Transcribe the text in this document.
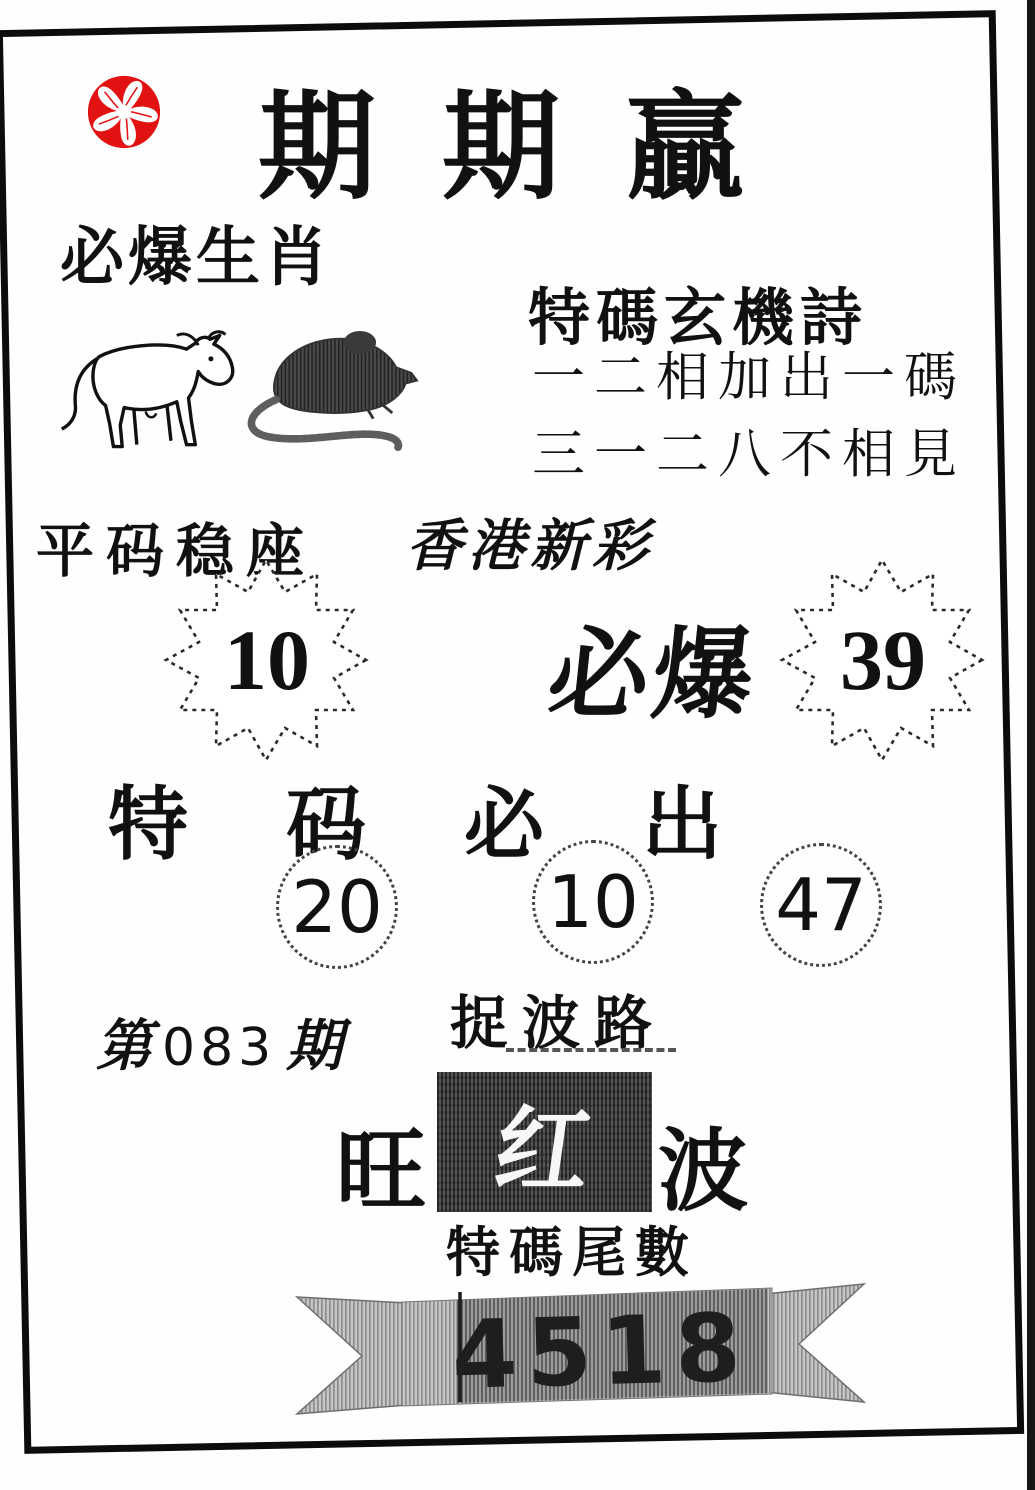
期期贏
必爆生肖
特碼玄機詩
一二相加出一碼
三一二八不相見
平码稳座 香港新彩
10	必爆 39
特 码 必 出
20 10 47
第 083 期 捉波路
旺 红 波
特碼尾數
4518
